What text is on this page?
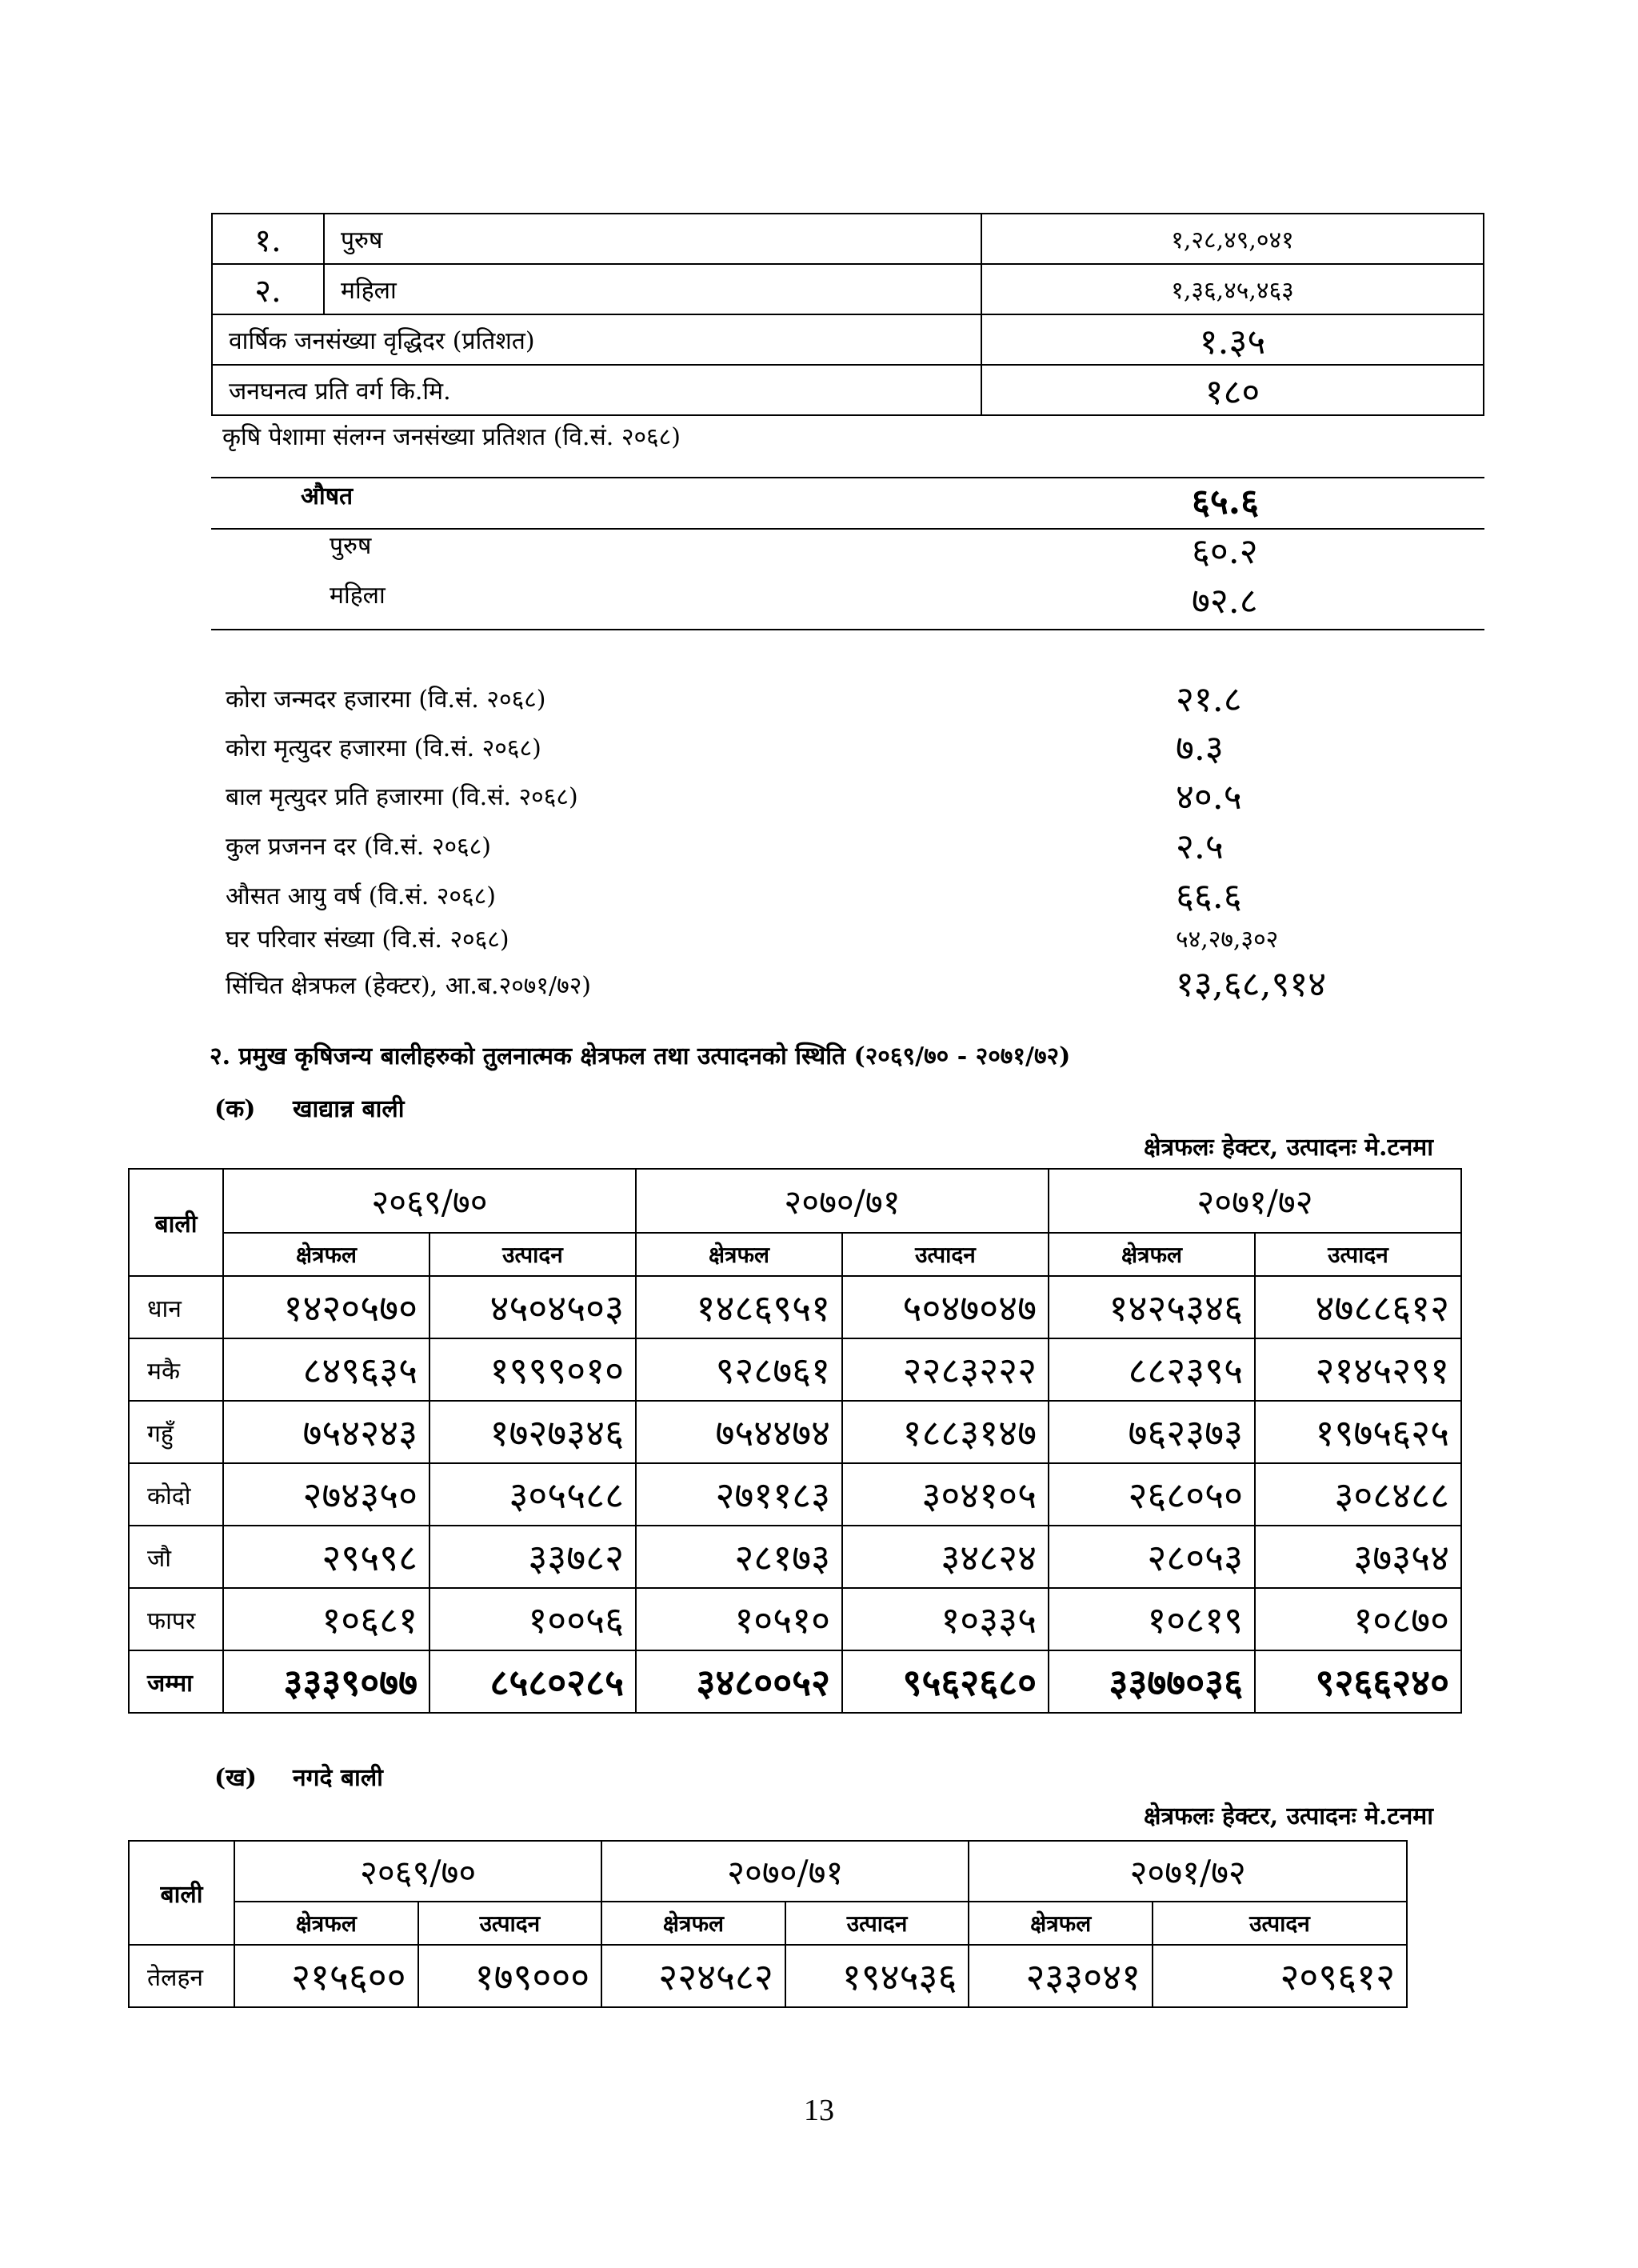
१.	पुरुष	१,२८,४९,०४१
२.	महिला	१,३६,४५,४६३
वार्षिक जनसंख्या वृद्धिदर (प्रतिशत)		१.३५
जनघनत्व प्रति वर्ग कि.मि.		१८०
कृषि पेशामा संलग्न जनसंख्या प्रतिशत (वि.सं. २०६८)
औषत	६५.६
पुरुष	६०.२
महिला	७२.८
कोरा जन्मदर हजारमा (वि.सं. २०६८)	२१.८
कोरा मृत्युदर हजारमा (वि.सं. २०६८)	७.३
बाल मृत्युदर प्रति हजारमा (वि.सं. २०६८)	४०.५
कुल प्रजनन दर (वि.सं. २०६८)	२.५
औसत आयु वर्ष (वि.सं. २०६८)	६६.६
घर परिवार संख्या (वि.सं. २०६८)	५४,२७,३०२
सिंचित क्षेत्रफल (हेक्टर), आ.ब.२०७१/७२)	१३,६८,९१४
२. प्रमुख कृषिजन्य बालीहरुको तुलनात्मक क्षेत्रफल तथा उत्पादनको स्थिति (२०६९/७० - २०७१/७२)
(क) खाद्यान्न बाली
क्षेत्रफलः हेक्टर, उत्पादनः मे.टनमा
बाली	२०६९/७०		२०७०/७१		२०७१/७२	
	क्षेत्रफल	उत्पादन	क्षेत्रफल	उत्पादन	क्षेत्रफल	उत्पादन
धान	१४२०५७०	४५०४५०३	१४८६९५१	५०४७०४७	१४२५३४६	४७८८६१२
मकै	८४९६३५	१९९९०१०	९२८७६१	२२८३२२२	८८२३९५	२१४५२९१
गहुँ	७५४२४३	१७२७३४६	७५४४७४	१८८३१४७	७६२३७३	१९७५६२५
कोदो	२७४३५०	३०५५८८	२७११८३	३०४१०५	२६८०५०	३०८४८८
जौ	२९५९८	३३७८२	२८१७३	३४८२४	२८०५३	३७३५४
फापर	१०६८१	१००५६	१०५१०	१०३३५	१०८१९	१०८७०
जम्मा	३३३९०७७	८५८०२८५	३४८००५२	९५६२६८०	३३७७०३६	९२६६२४०
(ख) नगदे बाली
क्षेत्रफलः हेक्टर, उत्पादनः मे.टनमा
बाली	२०६९/७०		२०७०/७१		२०७१/७२	
	क्षेत्रफल	उत्पादन	क्षेत्रफल	उत्पादन	क्षेत्रफल	उत्पादन
तेलहन	२१५६००	१७९०००	२२४५८२	१९४५३६	२३३०४१	२०९६१२
13
